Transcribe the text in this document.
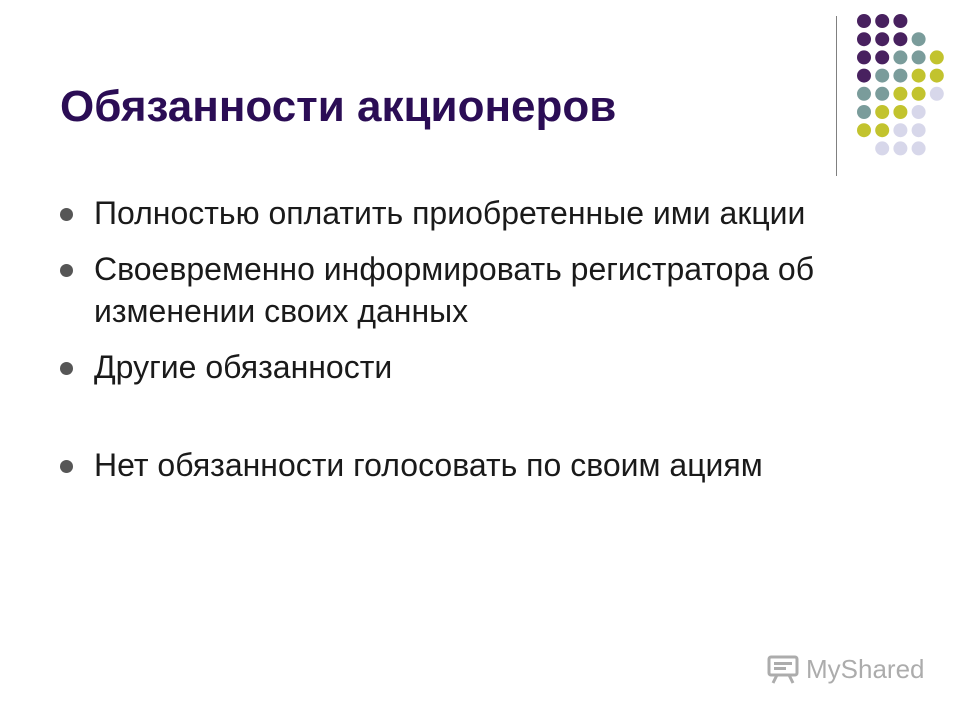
Обязанности акционеров
Полностью оплатить приобретенные ими акции
Своевременно информировать регистратора об изменении своих данных
Другие обязанности
Нет обязанности голосовать по своим ациям
MyShared
